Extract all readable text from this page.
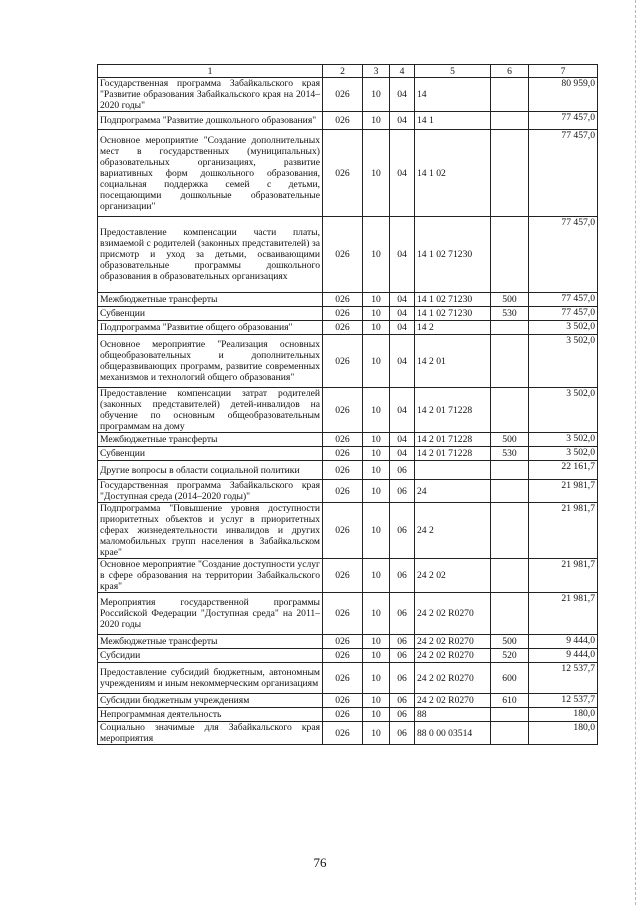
1	2	3	4	5	6	7
Государственная программа Забайкальского края "Развитие образования Забайкальского края на 2014–2020 годы"	026	10	04	14		80 959,0
Подпрограмма "Развитие дошкольного образования"	026	10	04	14 1		77 457,0
Основное мероприятие "Создание дополнительных мест в государственных (муниципальных) образовательных организациях, развитие вариативных форм дошкольного образования, социальная поддержка семей с детьми, посещающими дошкольные образовательные организации"	026	10	04	14 1 02		77 457,0
Предоставление компенсации части платы, взимаемой с родителей (законных представителей) за присмотр и уход за детьми, осваивающими образовательные программы дошкольного образования в образовательных организациях	026	10	04	14 1 02 71230		77 457,0
Межбюджетные трансферты	026	10	04	14 1 02 71230	500	77 457,0
Субвенции	026	10	04	14 1 02 71230	530	77 457,0
Подпрограмма "Развитие общего образования"	026	10	04	14 2		3 502,0
Основное мероприятие "Реализация основных общеобразовательных и дополнительных общеразвивающих программ, развитие современных механизмов и технологий общего образования"	026	10	04	14 2 01		3 502,0
Предоставление компенсации затрат родителей (законных представителей) детей-инвалидов на обучение по основным общеобразовательным программам на дому	026	10	04	14 2 01 71228		3 502,0
Межбюджетные трансферты	026	10	04	14 2 01 71228	500	3 502,0
Субвенции	026	10	04	14 2 01 71228	530	3 502,0
Другие вопросы в области социальной политики	026	10	06			22 161,7
Государственная программа Забайкальского края "Доступная среда (2014–2020 годы)"	026	10	06	24		21 981,7
Подпрограмма "Повышение уровня доступности приоритетных объектов и услуг в приоритетных сферах жизнедеятельности инвалидов и других маломобильных групп населения в Забайкальском крае"	026	10	06	24 2		21 981,7
Основное мероприятие "Создание доступности услуг в сфере образования на территории Забайкальского края"	026	10	06	24 2 02		21 981,7
Мероприятия государственной программы Российской Федерации "Доступная среда" на 2011–2020 годы	026	10	06	24 2 02 R0270		21 981,7
Межбюджетные трансферты	026	10	06	24 2 02 R0270	500	9 444,0
Субсидии	026	10	06	24 2 02 R0270	520	9 444,0
Предоставление субсидий бюджетным, автономным учреждениям и иным некоммерческим организациям	026	10	06	24 2 02 R0270	600	12 537,7
Субсидии бюджетным учреждениям	026	10	06	24 2 02 R0270	610	12 537,7
Непрограммная деятельность	026	10	06	88		180,0
Социально значимые для Забайкальского края мероприятия	026	10	06	88 0 00 03514		180,0
76
